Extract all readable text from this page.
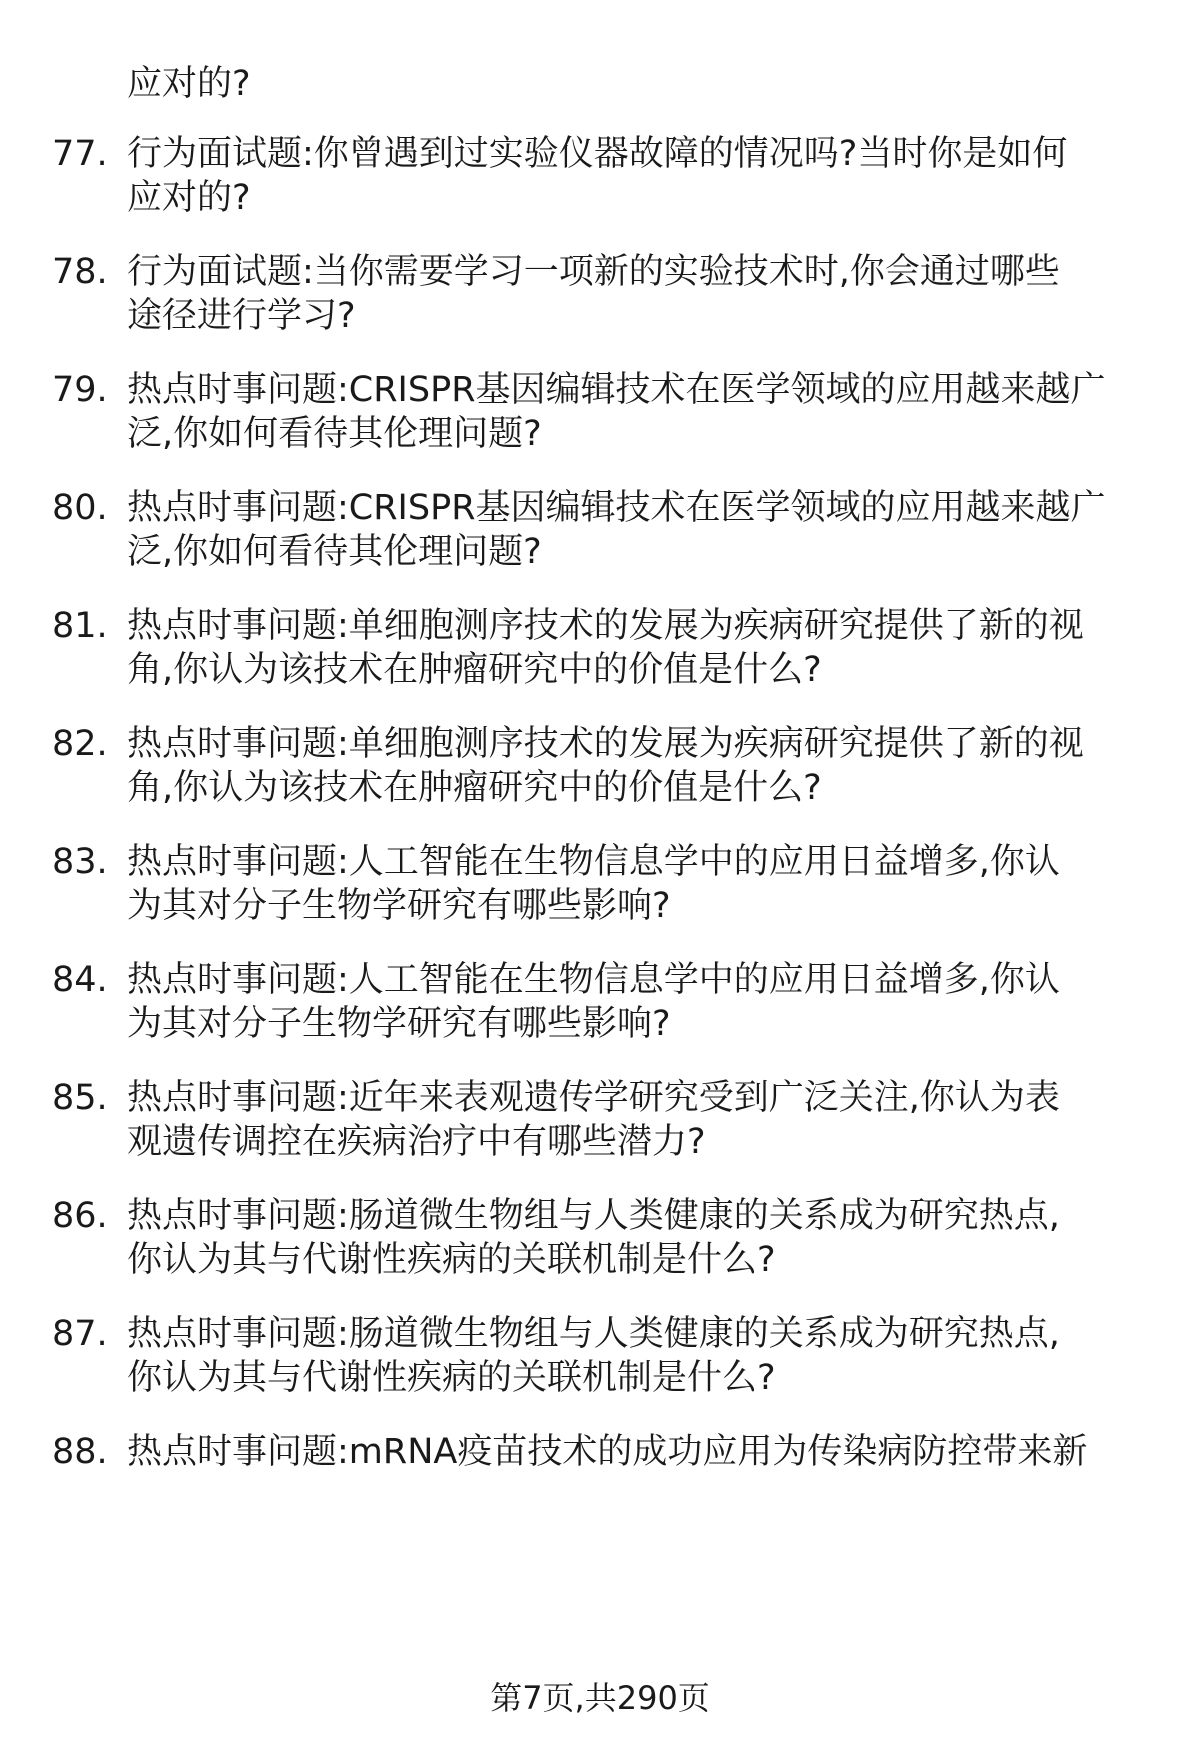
应对的?
77. 行为面试题:你曾遇到过实验仪器故障的情况吗?当时你是如何
应对的?
78. 行为面试题:当你需要学习一项新的实验技术时,你会通过哪些
途径进行学习?
79. 热点时事问题:CRISPR基因编辑技术在医学领域的应用越来越广
泛,你如何看待其伦理问题?
80. 热点时事问题:CRISPR基因编辑技术在医学领域的应用越来越广
泛,你如何看待其伦理问题?
81. 热点时事问题:单细胞测序技术的发展为疾病研究提供了新的视
角,你认为该技术在肿瘤研究中的价值是什么?
82. 热点时事问题:单细胞测序技术的发展为疾病研究提供了新的视
角,你认为该技术在肿瘤研究中的价值是什么?
83. 热点时事问题:人工智能在生物信息学中的应用日益增多,你认
为其对分子生物学研究有哪些影响?
84. 热点时事问题:人工智能在生物信息学中的应用日益增多,你认
为其对分子生物学研究有哪些影响?
85. 热点时事问题:近年来表观遗传学研究受到广泛关注,你认为表
观遗传调控在疾病治疗中有哪些潜力?
86. 热点时事问题:肠道微生物组与人类健康的关系成为研究热点,
你认为其与代谢性疾病的关联机制是什么?
87. 热点时事问题:肠道微生物组与人类健康的关系成为研究热点,
你认为其与代谢性疾病的关联机制是什么?
88. 热点时事问题:mRNA疫苗技术的成功应用为传染病防控带来新
第7页,共290页
